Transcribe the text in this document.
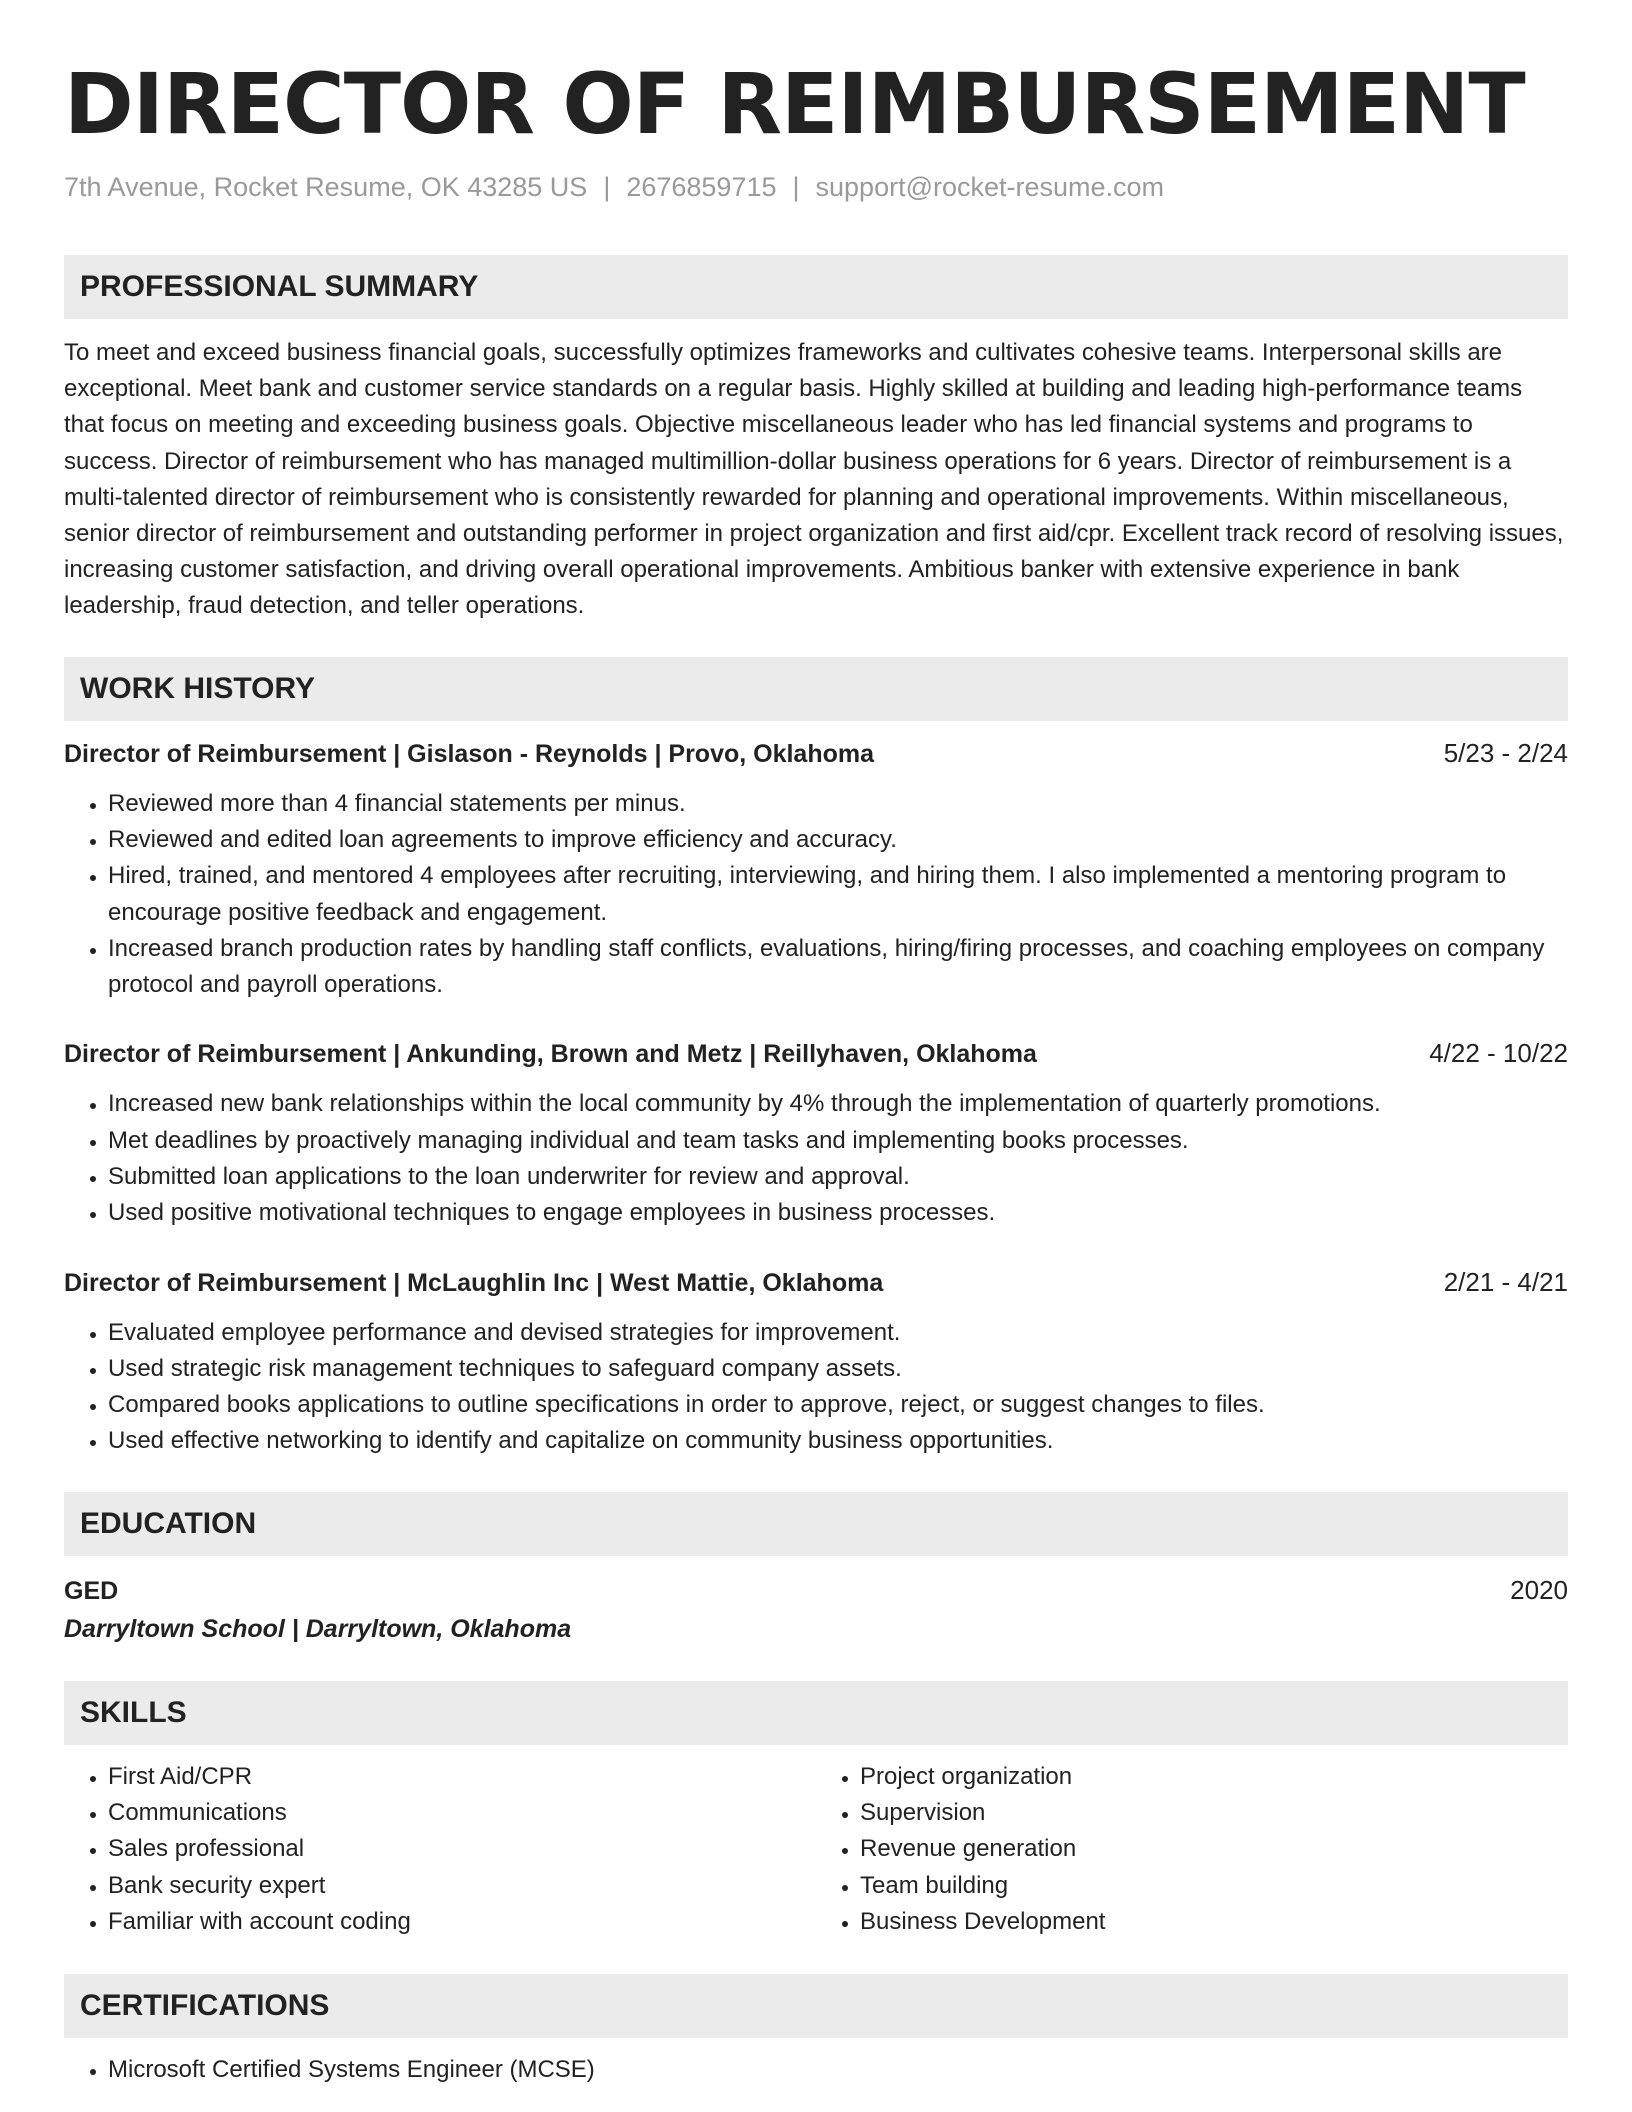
DIRECTOR OF REIMBURSEMENT
7th Avenue, Rocket Resume, OK 43285 US | 2676859715 | support@rocket-resume.com
PROFESSIONAL SUMMARY

To meet and exceed business financial goals, successfully optimizes frameworks and cultivates cohesive teams. Interpersonal skills are exceptional. Meet bank and customer service standards on a regular basis. Highly skilled at building and leading high-performance teams that focus on meeting and exceeding business goals. Objective miscellaneous leader who has led financial systems and programs to success. Director of reimbursement who has managed multimillion-dollar business operations for 6 years. Director of reimbursement is a multi-talented director of reimbursement who is consistently rewarded for planning and operational improvements. Within miscellaneous, senior director of reimbursement and outstanding performer in project organization and first aid/cpr. Excellent track record of resolving issues, increasing customer satisfaction, and driving overall operational improvements. Ambitious banker with extensive experience in bank leadership, fraud detection, and teller operations.

WORK HISTORY
Director of Reimbursement | Gislason - Reynolds | Provo, Oklahoma	5/23 - 2/24
• Reviewed more than 4 financial statements per minus.
• Reviewed and edited loan agreements to improve efficiency and accuracy.
• Hired, trained, and mentored 4 employees after recruiting, interviewing, and hiring them. I also implemented a mentoring program to encourage positive feedback and engagement.
• Increased branch production rates by handling staff conflicts, evaluations, hiring/firing processes, and coaching employees on company protocol and payroll operations.
Director of Reimbursement | Ankunding, Brown and Metz | Reillyhaven, Oklahoma	4/22 - 10/22
• Increased new bank relationships within the local community by 4% through the implementation of quarterly promotions.
• Met deadlines by proactively managing individual and team tasks and implementing books processes.
• Submitted loan applications to the loan underwriter for review and approval.
• Used positive motivational techniques to engage employees in business processes.
Director of Reimbursement | McLaughlin Inc | West Mattie, Oklahoma	2/21 - 4/21
• Evaluated employee performance and devised strategies for improvement.
• Used strategic risk management techniques to safeguard company assets.
• Compared books applications to outline specifications in order to approve, reject, or suggest changes to files.
• Used effective networking to identify and capitalize on community business opportunities.
EDUCATION
GED	2020
Darryltown School | Darryltown, Oklahoma
SKILLS
• First Aid/CPR
• Communications
• Sales professional
• Bank security expert
• Familiar with account coding
• Project organization
• Supervision
• Revenue generation
• Team building
• Business Development
CERTIFICATIONS
• Microsoft Certified Systems Engineer (MCSE)
